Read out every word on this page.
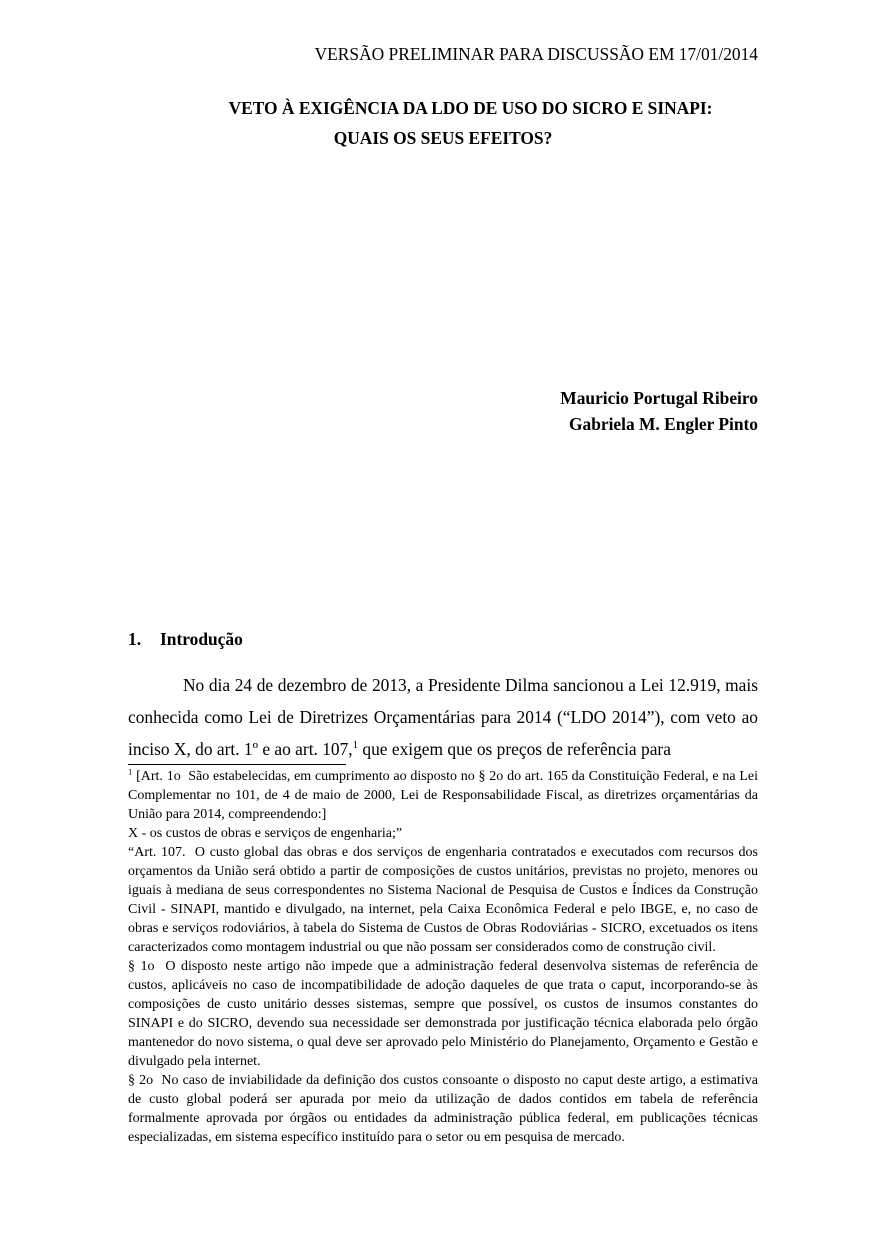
VERSÃO PRELIMINAR PARA DISCUSSÃO EM 17/01/2014
VETO À EXIGÊNCIA DA LDO DE USO DO SICRO E SINAPI:
QUAIS OS SEUS EFEITOS?
Mauricio Portugal Ribeiro
Gabriela M. Engler Pinto
1. Introdução

No dia 24 de dezembro de 2013, a Presidente Dilma sancionou a Lei 12.919, mais conhecida como Lei de Diretrizes Orçamentárias para 2014 (“LDO 2014”), com veto ao inciso X, do art. 1º e ao art. 107,$^1$ que exigem que os preços de referência para

$^1$ [Art. 1o  São estabelecidas, em cumprimento ao disposto no § 2o do art. 165 da Constituição Federal, e na Lei Complementar no 101, de 4 de maio de 2000, Lei de Responsabilidade Fiscal, as diretrizes orçamentárias da União para 2014, compreendendo:]

X - os custos de obras e serviços de engenharia;”

“Art. 107.  O custo global das obras e dos serviços de engenharia contratados e executados com recursos dos orçamentos da União será obtido a partir de composições de custos unitários, previstas no projeto, menores ou iguais à mediana de seus correspondentes no Sistema Nacional de Pesquisa de Custos e Índices da Construção Civil - SINAPI, mantido e divulgado, na internet, pela Caixa Econômica Federal e pelo IBGE, e, no caso de obras e serviços rodoviários, à tabela do Sistema de Custos de Obras Rodoviárias - SICRO, excetuados os itens caracterizados como montagem industrial ou que não possam ser considerados como de construção civil.

§ 1o  O disposto neste artigo não impede que a administração federal desenvolva sistemas de referência de custos, aplicáveis no caso de incompatibilidade de adoção daqueles de que trata o caput, incorporando-se às composições de custo unitário desses sistemas, sempre que possível, os custos de insumos constantes do SINAPI e do SICRO, devendo sua necessidade ser demonstrada por justificação técnica elaborada pelo órgão mantenedor do novo sistema, o qual deve ser aprovado pelo Ministério do Planejamento, Orçamento e Gestão e divulgado pela internet.

§ 2o  No caso de inviabilidade da definição dos custos consoante o disposto no caput deste artigo, a estimativa de custo global poderá ser apurada por meio da utilização de dados contidos em tabela de referência formalmente aprovada por órgãos ou entidades da administração pública federal, em publicações técnicas especializadas, em sistema específico instituído para o setor ou em pesquisa de mercado.
